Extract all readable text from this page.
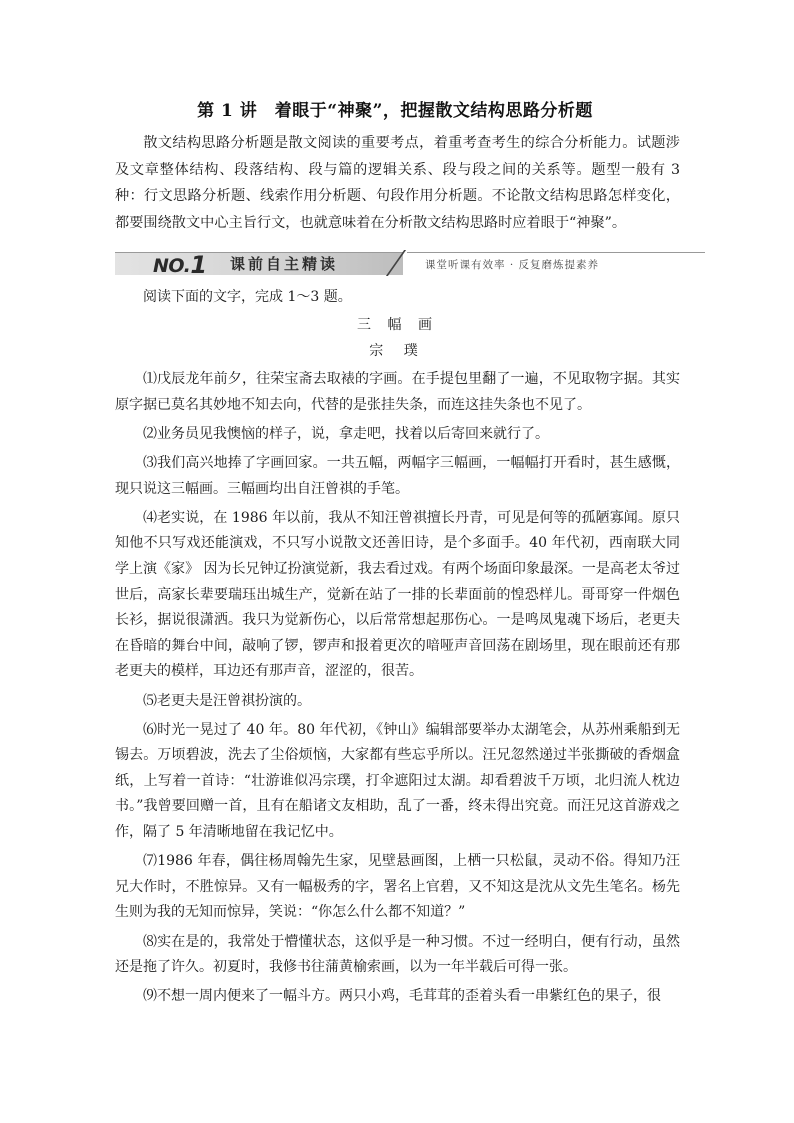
第 1 讲　着眼于“神聚”，把握散文结构思路分析题

散文结构思路分析题是散文阅读的重要考点，着重考查考生的综合分析能力。试题涉及文章整体结构、段落结构、段与篇的逻辑关系、段与段之间的关系等。题型一般有 3 种：行文思路分析题、线索作用分析题、句段作用分析题。不论散文结构思路怎样变化，都要围绕散文中心主旨行文，也就意味着在分析散文结构思路时应着眼于“神聚”。

NO.1 课前自主精读	课堂听课有效率 · 反复磨炼提素养
阅读下面的文字，完成 1～3 题。
三 幅 画
宗 璞

⑴戊辰龙年前夕，往荣宝斋去取裱的字画。在手提包里翻了一遍，不见取物字据。其实原字据已莫名其妙地不知去向，代替的是张挂失条，而连这挂失条也不见了。

⑵业务员见我懊恼的样子，说，拿走吧，找着以后寄回来就行了。

⑶我们高兴地捧了字画回家。一共五幅，两幅字三幅画，一幅幅打开看时，甚生感慨，现只说这三幅画。三幅画均出自汪曾祺的手笔。

⑷老实说，在 1986 年以前，我从不知汪曾祺擅长丹青，可见是何等的孤陋寡闻。原只知他不只写戏还能演戏，不只写小说散文还善旧诗，是个多面手。40 年代初，西南联大同学上演《家》 因为长兄钟辽扮演觉新，我去看过戏。有两个场面印象最深。一是高老太爷过世后，高家长辈要瑞珏出城生产，觉新在站了一排的长辈面前的惶恐样儿。哥哥穿一件烟色长衫，据说很潇洒。我只为觉新伤心，以后常常想起那伤心。一是鸣凤鬼魂下场后，老更夫在昏暗的舞台中间，敲响了锣，锣声和报着更次的喑哑声音回荡在剧场里，现在眼前还有那老更夫的模样，耳边还有那声音，涩涩的，很苦。

⑸老更夫是汪曾祺扮演的。

⑹时光一晃过了 40 年。80 年代初，《钟山》编辑部要举办太湖笔会，从苏州乘船到无锡去。万顷碧波，洗去了尘俗烦恼，大家都有些忘乎所以。汪兄忽然递过半张撕破的香烟盒纸，上写着一首诗：“壮游谁似冯宗璞，打伞遮阳过太湖。却看碧波千万顷，北归流人枕边书。”我曾要回赠一首，且有在船诸文友相助，乱了一番，终未得出究竟。而汪兄这首游戏之作，隔了 5 年清晰地留在我记忆中。

⑺1986 年春，偶往杨周翰先生家，见壁悬画图，上栖一只松鼠，灵动不俗。得知乃汪兄大作时，不胜惊异。又有一幅极秀的字，署名上官碧，又不知这是沈从文先生笔名。杨先生则为我的无知而惊异，笑说：“你怎么什么都不知道？”

⑻实在是的，我常处于懵懂状态，这似乎是一种习惯。不过一经明白，便有行动，虽然还是拖了许久。初夏时，我修书往蒲黄榆索画，以为一年半载后可得一张。

⑼不想一周内便来了一幅斗方。两只小鸡，毛茸茸的歪着头看一串紫红色的果子，很
